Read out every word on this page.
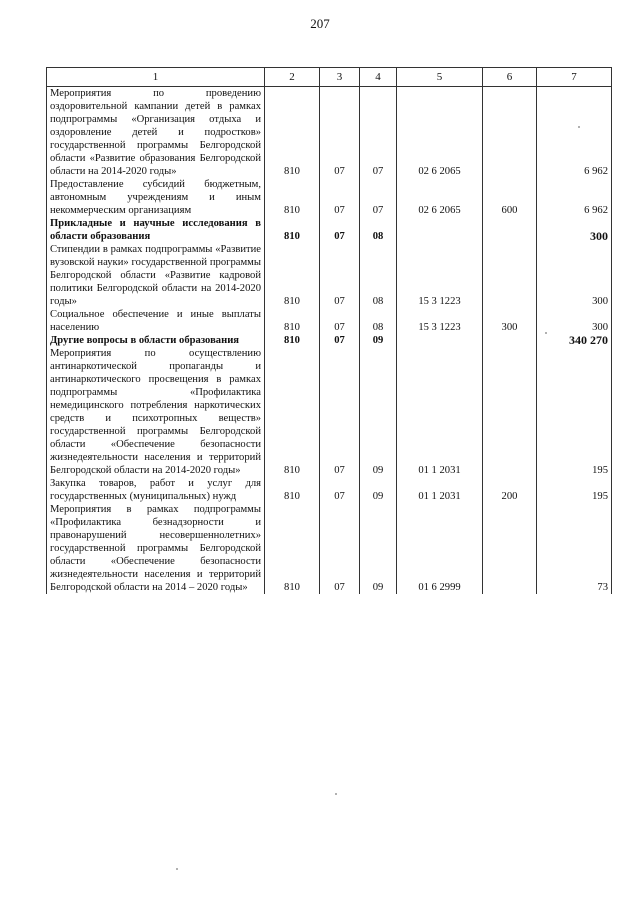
207
1	2	3	4	5	6	7
Мероприятия по проведению оздоровительной кампании детей в рамках подпрограммы «Организация отдыха и оздоровление детей и подростков» государственной программы Белгородской области «Развитие образования Белгородской области на 2014-2020 годы»	810	07	07	02 6 2065		6 962
Предоставление субсидий бюджетным, автономным учреждениям и иным некоммерческим организациям	810	07	07	02 6 2065	600	6 962
Прикладные и научные исследования в области образования	810	07	08			300
Стипендии в рамках подпрограммы «Развитие вузовской науки» государственной программы Белгородской области «Развитие кадровой политики Белгородской области на 2014-2020 годы»	810	07	08	15 3 1223		300
Социальное обеспечение и иные выплаты населению	810	07	08	15 3 1223	300	300
Другие вопросы в области образования	810	07	09			340 270
Мероприятия по осуществлению антинаркотической пропаганды и антинаркотического просвещения в рамках подпрограммы «Профилактика немедицинского потребления наркотических средств и психотропных веществ» государственной программы Белгородской области «Обеспечение безопасности жизнедеятельности населения и территорий Белгородской области на 2014-2020 годы»	810	07	09	01 1 2031		195
Закупка товаров, работ и услуг для государственных (муниципальных) нужд	810	07	09	01 1 2031	200	195
Мероприятия в рамках подпрограммы «Профилактика безнадзорности и правонарушений несовершеннолетних» государственной программы Белгородской области «Обеспечение безопасности жизнедеятельности населения и территорий Белгородской области на 2014 – 2020 годы»	810	07	09	01 6 2999		73
